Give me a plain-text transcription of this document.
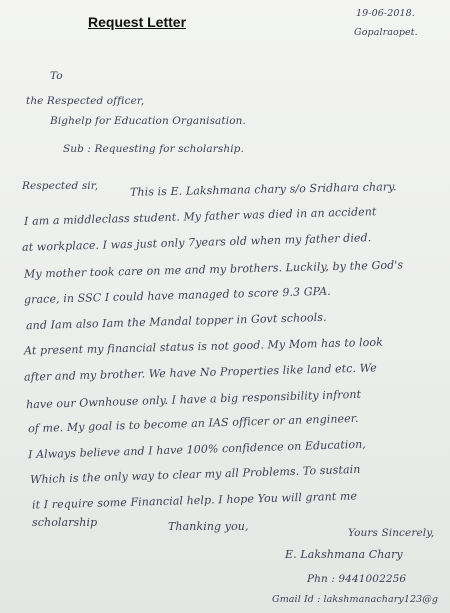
Request Letter
19-06-2018.
Gopalraopet.
To
the Respected officer,
Bighelp for Education Organisation.
Sub : Requesting for scholarship.
Respected sir,	This is E. Lakshmana chary s/o Sridhara chary.
I am a middleclass student. My father was died in an accident
at workplace. I was just only 7years old when my father died.
My mother took care on me and my brothers. Luckily, by the God's
grace, in SSC I could have managed to score 9.3 GPA.
and Iam also Iam the Mandal topper in Govt schools.
At present my financial status is not good. My Mom has to look
after and my brother. We have No Properties like land etc. We
have our Ownhouse only. I have a big responsibility infront
of me. My goal is to become an IAS officer or an engineer.
I Always believe and I have 100% confidence on Education,
Which is the only way to clear my all Problems. To sustain
it I require some Financial help. I hope You will grant me
scholarship	Thanking you,	Yours Sincerely,
E. Lakshmana Chary
Phn : 9441002256
Gmail Id : lakshmanachary123@g
